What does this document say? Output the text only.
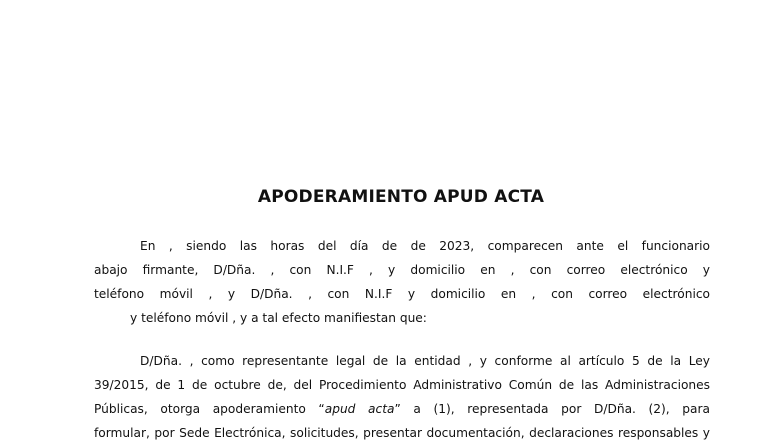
APODERAMIENTO APUD ACTA
En , siendo las horas del día de de 2023, comparecen ante el funcionario
abajo firmante, D/Dña. , con N.I.F , y domicilio en , con correo electrónico y
teléfono móvil , y D/Dña. , con N.I.F y domicilio en , con correo electrónico
y teléfono móvil , y a tal efecto manifiestan que:
D/Dña. , como representante legal de la entidad , y conforme al artículo 5 de la Ley
39/2015, de 1 de octubre de, del Procedimiento Administrativo Común de las Administraciones
Públicas, otorga apoderamiento “apud acta” a (1), representada por D/Dña. (2), para
formular, por Sede Electrónica, solicitudes, presentar documentación, declaraciones responsables y
